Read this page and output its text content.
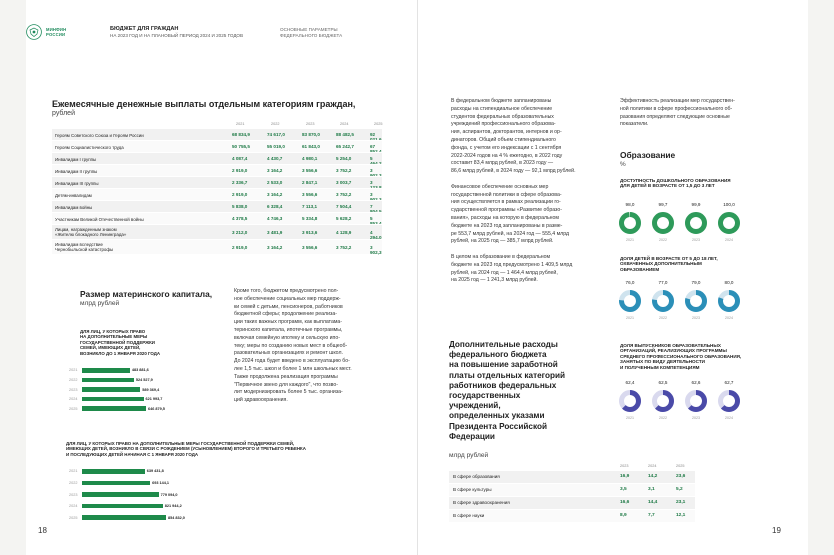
МИНФИН
РОССИИ
БЮДЖЕТ ДЛЯ ГРАЖДАН
НА 2023 ГОД И НА ПЛАНОВЫЙ ПЕРИОД 2024 И 2025 ГОДОВ
ОСНОВНЫЕ ПАРАМЕТРЫ
ФЕДЕРАЛЬНОГО БЮДЖЕТА
Ежемесячные денежные выплаты отдельным категориям граждан,
рублей
2021	2022	2023	2024	2025
Героям Советского Союза и Героям России	68 834,9	74 617,0	83 870,0	88 482,5	92
Героям Социалистического труда	50 755,5	55 019,0	61 843,0	65 242,7	67
Инвалидам I группы	4 087,4	4 430,7	4 980,1	5 254,0	5
Инвалидам II группы	2 919,0	3 164,2	3 556,6	3 752,2	3
Инвалидам III группы	2 336,7	2 533,0	2 847,1	3 003,7	3
Детям-инвалидам	2 919,0	3 164,2	3 556,6	3 752,2	3
Инвалидам войны	5 838,0	6 328,4	7 113,1	7 504,4	7
Участникам Великой Отечественной войны	4 378,5	4 746,3	5 334,8	5 628,2	5
Лицам, награжденным знаком
«Жителю блокадного Ленинграда»	3 212,0	3 481,9	3 913,6	4 128,9	4 294,0
Инвалидам вследствие
Чернобыльской катастрофы	2 919,0	3 164,2	3 556,6	3 752,2	3 902,3
Размер материнского капитала,
млрд рублей
ДЛЯ ЛИЦ, У КОТОРЫХ ПРАВО
НА ДОПОЛНИТЕЛЬНЫЕ МЕРЫ
ГОСУДАРСТВЕННОЙ ПОДДЕРЖКИ
СЕМЕЙ, ИМЕЮЩИХ ДЕТЕЙ,
ВОЗНИКЛО ДО 1 ЯНВАРЯ 2020 ГОДА
2021	483 881,6
2022	524 527,9
2023	589 369,4
2024	621 993,7
2025	646 879,5
ДЛЯ ЛИЦ, У КОТОРЫХ ПРАВО НА ДОПОЛНИТЕЛЬНЫЕ МЕРЫ ГОСУДАРСТВЕННОЙ ПОДДЕРЖКИ СЕМЕЙ,
ИМЕЮЩИХ ДЕТЕЙ, ВОЗНИКЛО В СВЯЗИ С РОЖДЕНИЕМ (УСЫНОВЛЕНИЕМ) ВТОРОГО И ТРЕТЬЕГО РЕБЕНКА
И ПОСЛЕДУЮЩИХ ДЕТЕЙ НАЧИНАЯ С 1 ЯНВАРЯ 2020 ГОДА
2021	639 431,8
2022	693 144,1
2023	779 094,0
2024	821 944,2
2025	854 832,0
Кроме того, бюджетом предусмотрено пол-
ное обеспечение социальных мер поддерж-
ки семей с детьми, пенсионеров, работников
бюджетной сферы; продолжение реализа-
ции таких важных программ, как выплатама-
теринского капитала, ипотечные программы,
включая семейную ипотеку и сельскую ипо-
теку; меры по созданию новых мест в общеоб-
разовательных организациях и ремонт школ.
До 2024 года будет введено в эксплуатацию бо-
лее 1,5 тыс. школ и более 1 млн школьных мест.
Также продолжена реализация программы
"Первичное звено для каждого", что позво-
лит модернизировать более 5 тыс. организа-
ций здравоохранения.
В федеральном бюджете запланированы
расходы на стипендиальное обеспечение
студентов федеральных образовательных
учреждений профессионального образова-
ния, аспирантов, докторантов, интернов и ор-
динаторов. Общий объем стипендиального
фонда, с учетом его индексации с 1 сентября
2022-2024 годов на 4 % ежегодно, в 2022 году
составит 83,4 млрд рублей, в 2023 году —
86,6 млрд рублей, в 2024 году — 92,1 млрд рублей.

Финансовое обеспечение основных мер
государственной политики в сфере образова-
ния осуществляется в рамках реализации го-
сударственной программы «Развитие образо-
вания», расходы на которую в федеральном
бюджете на 2023 год запланированы в разме-
ре 553,7 млрд рублей, на 2024 год — 555,4 млрд
рублей, на 2025 год — 385,7 млрд рублей.

В целом на образование в федеральном
бюджете на 2023 год предусмотрено 1 409,5 млрд
рублей, на 2024 год — 1 464,4 млрд рублей,
на 2025 год — 1 241,3 млрд рублей.
Эффективность реализации мер государствен-
ной политики в сфере профессионального об-
разования определяют следующие основные
показатели.
Образование
%
ДОСТУПНОСТЬ ДОШКОЛЬНОГО ОБРАЗОВАНИЯ
ДЛЯ ДЕТЕЙ В ВОЗРАСТЕ ОТ 1,5 ДО 3 ЛЕТ
98,0
2021
99,7
2022
99,9
2023
100,0
2024
ДОЛЯ ДЕТЕЙ В ВОЗРАСТЕ ОТ 5 ДО 18 ЛЕТ,
ОХВАЧЕННЫХ ДОПОЛНИТЕЛЬНЫМ
ОБРАЗОВАНИЕМ
76,0
2021
77,0
2022
79,0
2023
80,0
2024
ДОЛЯ ВЫПУСКНИКОВ ОБРАЗОВАТЕЛЬНЫХ
ОРГАНИЗАЦИЙ, РЕАЛИЗУЮЩИХ ПРОГРАММЫ
СРЕДНЕГО ПРОФЕССИОНАЛЬНОГО ОБРАЗОВАНИЯ,
ЗАНЯТЫХ ПО ВИДУ ДЕЯТЕЛЬНОСТИ
И ПОЛУЧЕННЫМ КОМПЕТЕНЦИЯМ
62,4
2021
62,5
2022
62,6
2023
62,7
2024
Дополнительные расходы
федерального бюджета
на повышение заработной
платы отдельных категорий
работников федеральных
государственных
учреждений,
определенных указами
Президента Российской
Федерации
млрд рублей
2023	2024	2025
В сфере образования	16,9	14,2	23,6
В сфере культуры	3,5	3,1	5,2
В сфере здравоохранения	16,6	14,4	23,1
В сфере науки	8,9	7,7	12,1
18	19
